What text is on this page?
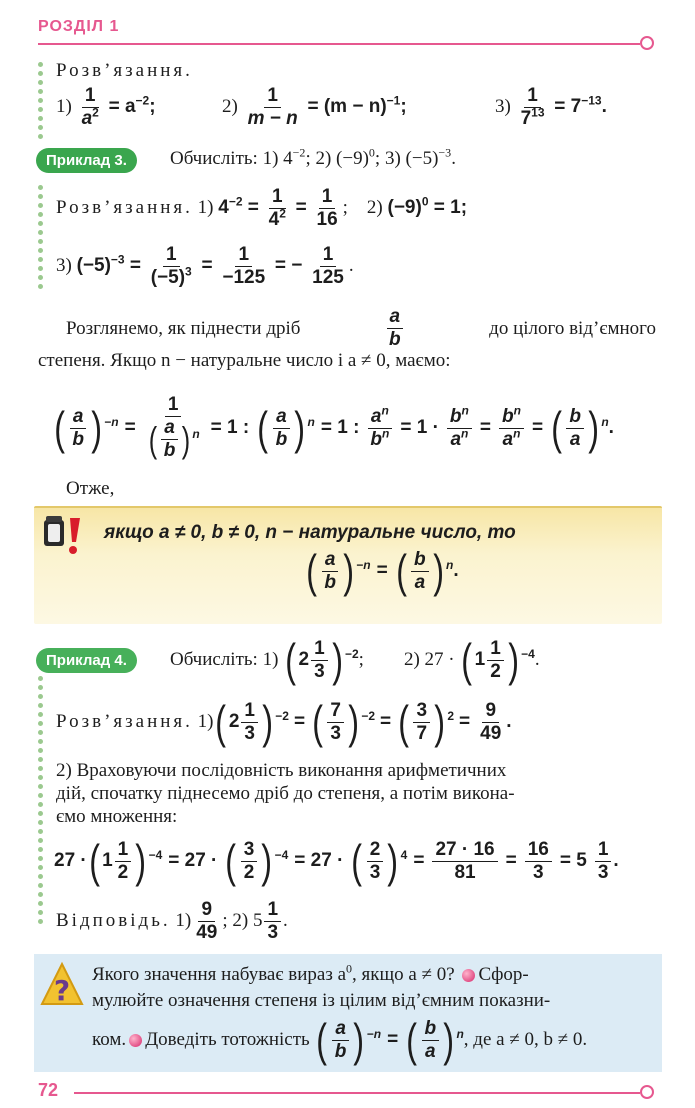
РОЗДІЛ 1
Розв’язання.
$1) \frac{1}{a^2} = a^{-2}$;	$2) \frac{1}{m - n} = (m - n)^{-1}$;	$3) \frac{1}{7^{13}} = 7^{-13}$.
Приклад 3.	Обчисліть: 1) $4^{-2}$; 2) $(-9)^0$; 3) $(-5)^{-3}$.
Розв’язання. 1) $4^{-2} = \frac{1}{4^2} = \frac{1}{16}$ ; 2) $(-9)^0 = 1$;
3) $(-5)^{-3} = \frac{1}{(-5)^3} = \frac{1}{-125}$ = − $\frac{1}{125}$ .
Розглянемо, як піднести дріб	$\frac{a}{b}$	до цілого від’ємного
степеня. Якщо n − натуральне число і a ≠ 0, маємо:
( $\frac{a}{b}$ ) $-n = \frac{1}{( \frac{a}{b} ) n} = 1$ : ( $\frac{a}{b}$ ) n = 1 : $\frac{a^n}{b^n} = 1 \cdot \frac{b^n}{a^n} = \frac{b^n}{a^n}$ = ( $\frac{b}{a}$ ) n .
Отже,
якщо a ≠ 0, b ≠ 0, n − натуральне число, то
( $\frac{a}{b}$ ) −n = ( $\frac{b}{a}$ ) n .
Приклад 4.	Обчисліть: 1)
( $2 \frac{1}{3}$ ) −2 ; 2) 27 ·
( $1 \frac{1}{2}$ ) −4 .
Розв’язання.
1) ( $2 \frac{1}{3}$ ) −2 = ( $\frac{7}{3}$ ) −2 = ( $\frac{3}{7}$ ) $2 = \frac{9}{49}$ .
2) Враховуючи послідовність виконання арифметичних
дій, спочатку піднесемо дріб до степеня, а потім викона-
ємо множення:
27 · ( $1 \frac{1}{2}$ ) −4 = 27 · ( $\frac{3}{2}$ ) −4 = 27 · ( $\frac{2}{3}$ ) $4 = \frac{27 \cdot 16}{81} = \frac{16}{3} = 5 \frac{1}{3}$ .
Відповідь.
$1) \frac{9}{49}$ ; 2) $5 \frac{1}{3}$ .
? Якого значення набуває вираз $a^0$, якщо a ≠ 0? Сфор-
мулюйте означення степеня із цілим від’ємним показни-
ком. Доведіть тотожність
( $\frac{a}{b}$ ) −n = ( $\frac{b}{a}$ ) n , де a ≠ 0, b ≠ 0.
72
